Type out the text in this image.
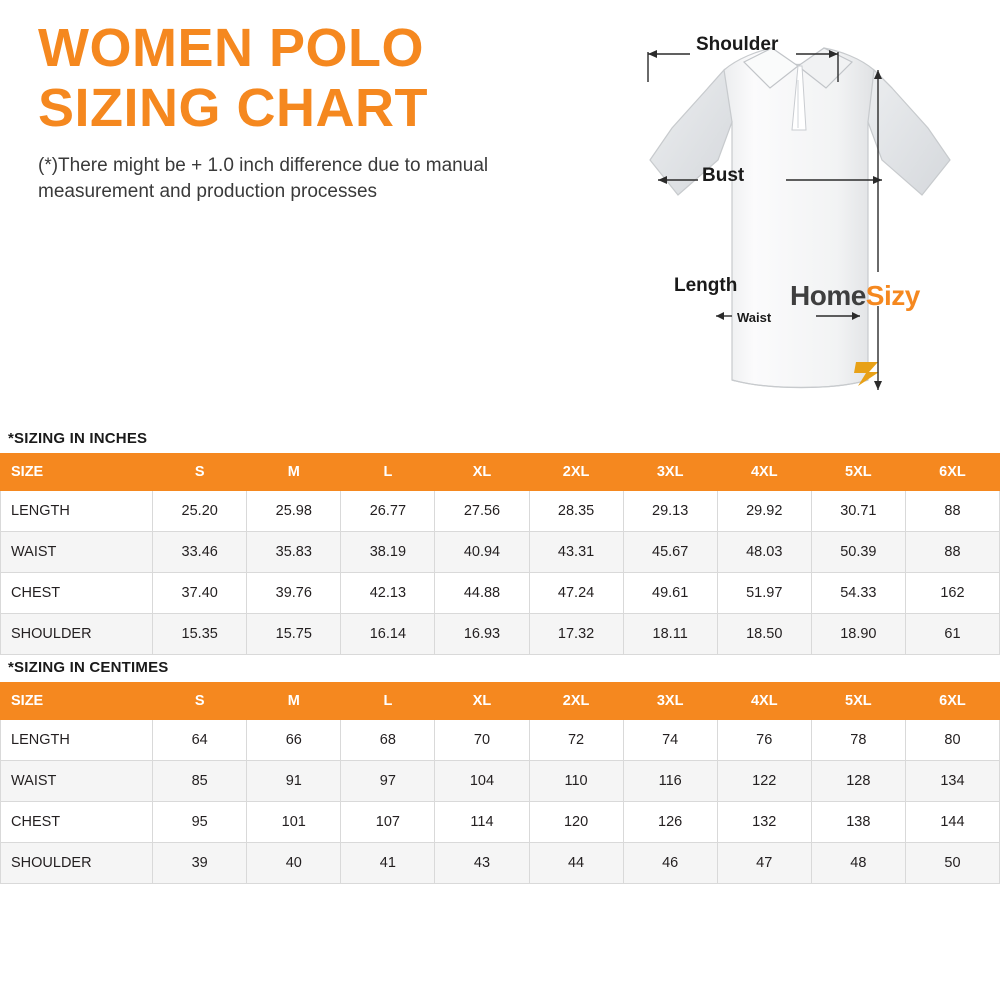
WOMEN POLO
SIZING CHART
(*)There might be + 1.0 inch difference due to manual measurement and production processes
Shoulder
Bust
Length
Waist
HomeSizy
*SIZING IN INCHES
SIZE	S	M	L	XL	2XL	3XL	4XL	5XL	6XL
LENGTH	25.20	25.98	26.77	27.56	28.35	29.13	29.92	30.71	88
WAIST	33.46	35.83	38.19	40.94	43.31	45.67	48.03	50.39	88
CHEST	37.40	39.76	42.13	44.88	47.24	49.61	51.97	54.33	162
SHOULDER	15.35	15.75	16.14	16.93	17.32	18.11	18.50	18.90	61
*SIZING IN CENTIMES
SIZE	S	M	L	XL	2XL	3XL	4XL	5XL	6XL
LENGTH	64	66	68	70	72	74	76	78	80
WAIST	85	91	97	104	110	116	122	128	134
CHEST	95	101	107	114	120	126	132	138	144
SHOULDER	39	40	41	43	44	46	47	48	50
